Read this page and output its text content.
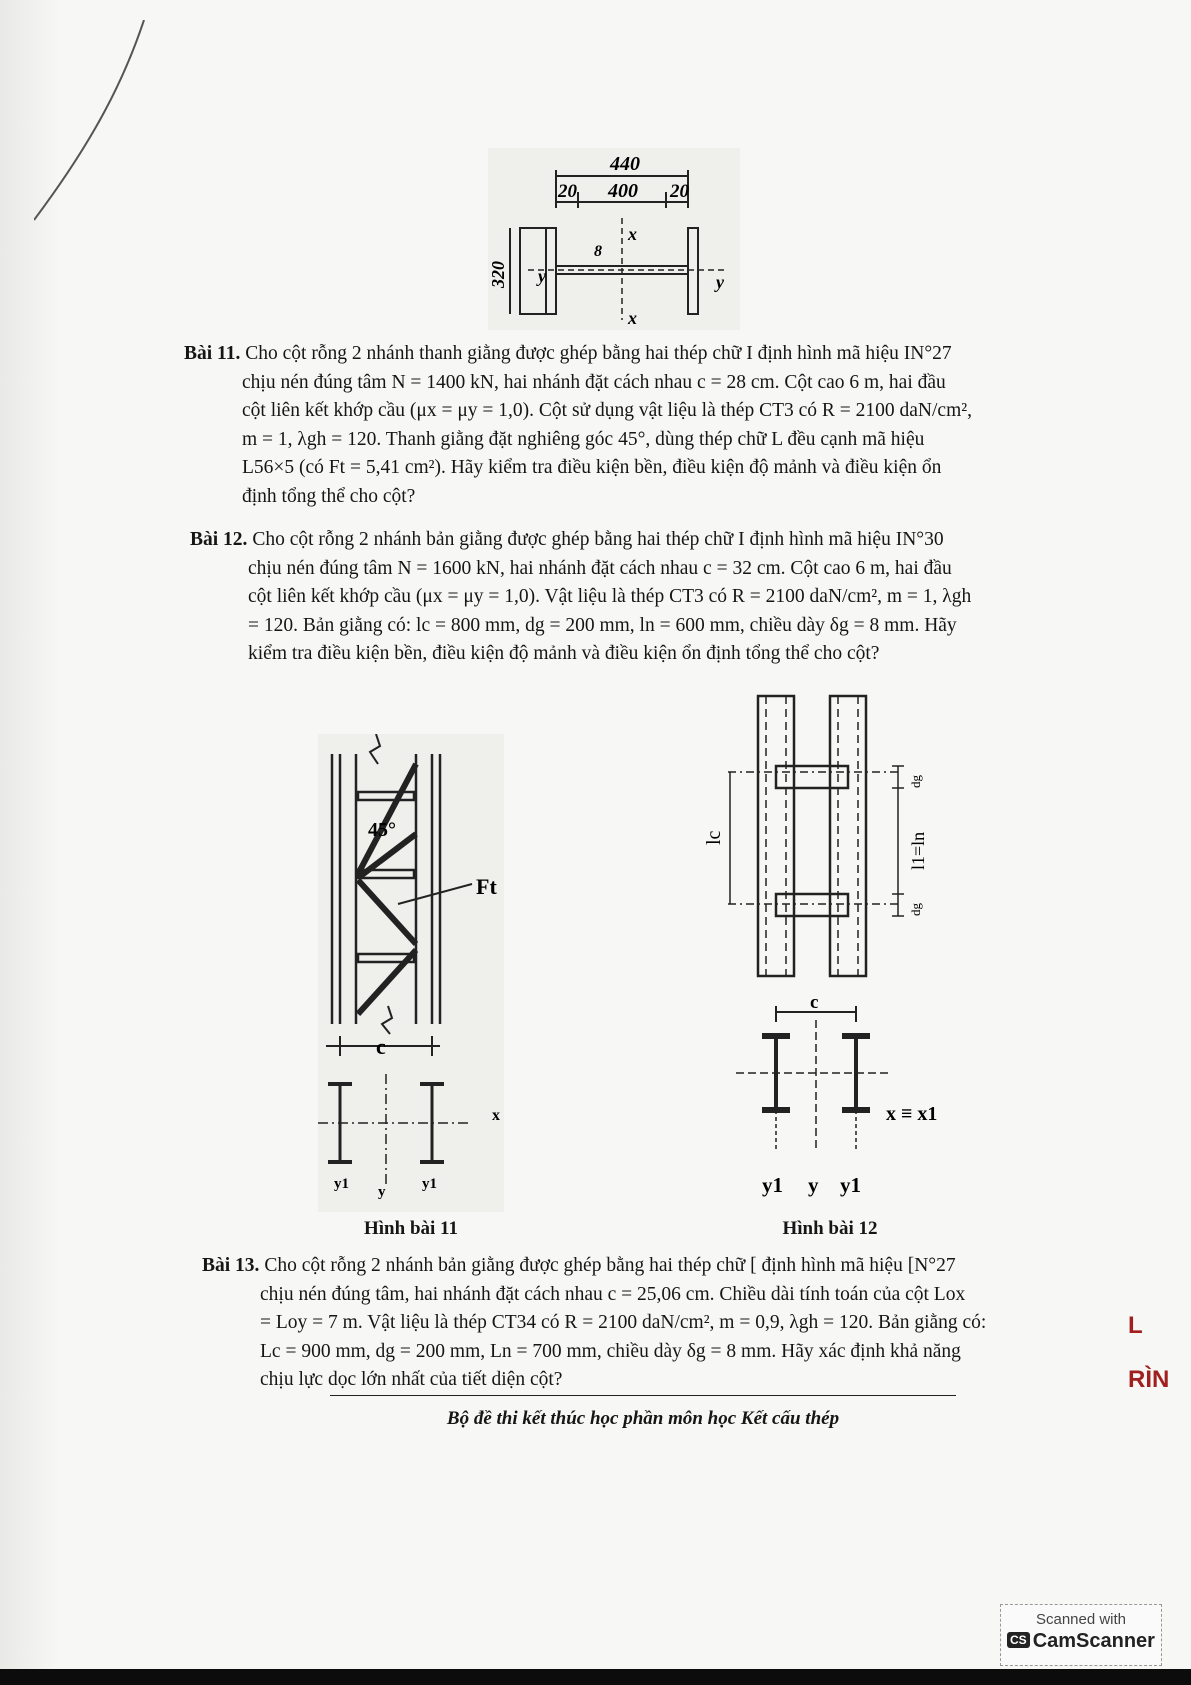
440
20 400 20
320
8
x
x
y	y
Bài 11. Cho cột rỗng 2 nhánh thanh giằng được ghép bằng hai thép chữ I định hình mã hiệu IN°27
chịu nén đúng tâm N = 1400 kN, hai nhánh đặt cách nhau c = 28 cm. Cột cao 6 m, hai đầu
cột liên kết khớp cầu (μx = μy = 1,0). Cột sử dụng vật liệu là thép CT3 có R = 2100 daN/cm²,
m = 1, λgh = 120. Thanh giằng đặt nghiêng góc 45°, dùng thép chữ L đều cạnh mã hiệu
L56×5 (có Ft = 5,41 cm²). Hãy kiểm tra điều kiện bền, điều kiện độ mảnh và điều kiện ổn
định tổng thể cho cột?
Bài 12. Cho cột rỗng 2 nhánh bản giằng được ghép bằng hai thép chữ I định hình mã hiệu IN°30
chịu nén đúng tâm N = 1600 kN, hai nhánh đặt cách nhau c = 32 cm. Cột cao 6 m, hai đầu
cột liên kết khớp cầu (μx = μy = 1,0). Vật liệu là thép CT3 có R = 2100 daN/cm², m = 1, λgh
= 120. Bản giằng có: lc = 800 mm, dg = 200 mm, ln = 600 mm, chiều dày δg = 8 mm. Hãy
kiểm tra điều kiện bền, điều kiện độ mảnh và điều kiện ổn định tổng thể cho cột?
45°
Ft
c
x
y1 y y1
Hình bài 11
lc	l1=ln
dg
dg
c
x ≡ x1
y1 y y1
Hình bài 12
Bài 13. Cho cột rỗng 2 nhánh bản giằng được ghép bằng hai thép chữ [ định hình mã hiệu [N°27
chịu nén đúng tâm, hai nhánh đặt cách nhau c = 25,06 cm. Chiều dài tính toán của cột Lox
= Loy = 7 m. Vật liệu là thép CT34 có R = 2100 daN/cm², m = 0,9, λgh = 120. Bản giằng có:
Lc = 900 mm, dg = 200 mm, Ln = 700 mm, chiều dày δg = 8 mm. Hãy xác định khả năng
chịu lực dọc lớn nhất của tiết diện cột?
Bộ đề thi kết thúc học phần môn học Kết cấu thép
L
RÌN
Scanned with
CS CamScanner
